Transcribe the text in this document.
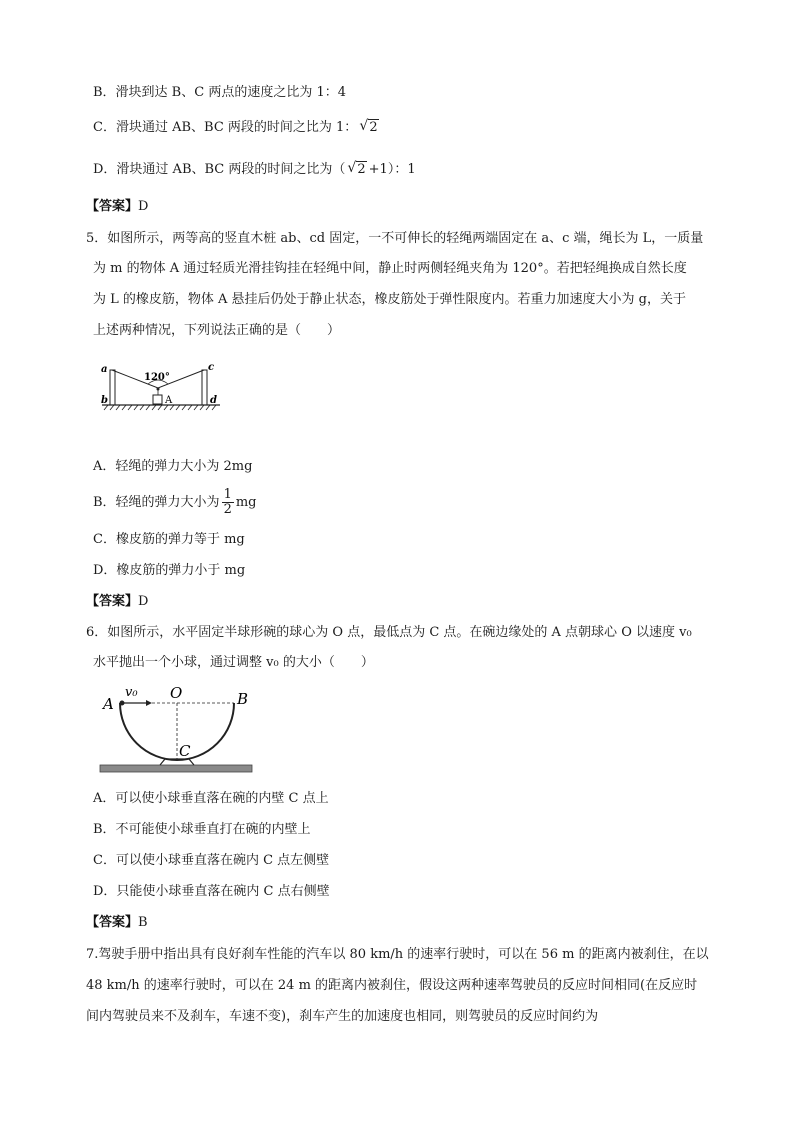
B．滑块到达 B、C 两点的速度之比为 1：4
C．滑块通过 AB、BC 两段的时间之比为 1： √ 2
D．滑块通过 AB、BC 两段的时间之比为（ √ 2 +1）：1
【答案】D
5．如图所示，两等高的竖直木桩 ab、cd 固定，一不可伸长的轻绳两端固定在 a、c 端，绳长为 L，一质量
为 m 的物体 A 通过轻质光滑挂钩挂在轻绳中间，静止时两侧轻绳夹角为 120°。若把轻绳换成自然长度
为 L 的橡皮筋，物体 A 悬挂后仍处于静止状态，橡皮筋处于弹性限度内。若重力加速度大小为 g，关于
上述两种情况，下列说法正确的是（　　）
120°
A
a
b
c
d
A．轻绳的弹力大小为 2mg
B．轻绳的弹力大小为 $\frac{1}{2}$ mg
C．橡皮筋的弹力等于 mg
D．橡皮筋的弹力小于 mg
【答案】D
6．如图所示，水平固定半球形碗的球心为 O 点，最低点为 C 点。在碗边缘处的 A 点朝球心 O 以速度 v₀
水平抛出一个小球，通过调整 v₀ 的大小（　　）
A
v₀ O	B
C
A．可以使小球垂直落在碗的内壁 C 点上
B．不可能使小球垂直打在碗的内壁上
C．可以使小球垂直落在碗内 C 点左侧壁
D．只能使小球垂直落在碗内 C 点右侧壁
【答案】B
7.驾驶手册中指出具有良好刹车性能的汽车以 80 km/h 的速率行驶时，可以在 56 m 的距离内被刹住，在以
48 km/h 的速率行驶时，可以在 24 m 的距离内被刹住，假设这两种速率驾驶员的反应时间相同(在反应时
间内驾驶员来不及刹车，车速不变)，刹车产生的加速度也相同，则驾驶员的反应时间约为
